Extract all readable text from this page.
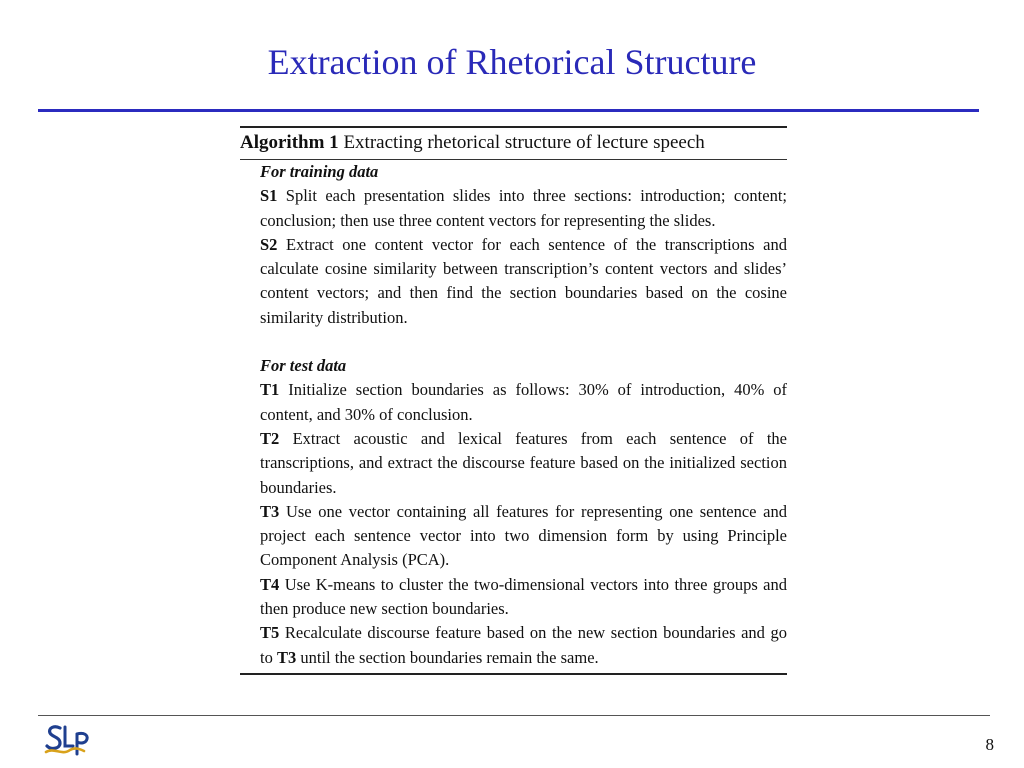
Extraction of Rhetorical Structure
Algorithm 1 Extracting rhetorical structure of lecture speech
For training data

S1 Split each presentation slides into three sections: introduction; content; conclusion; then use three content vectors for representing the slides.

S2 Extract one content vector for each sentence of the transcriptions and calculate cosine similarity between transcription’s content vectors and slides’ content vectors; and then find the section boundaries based on the cosine similarity distribution.

For test data

T1 Initialize section boundaries as follows: 30% of introduction, 40% of content, and 30% of conclusion.

T2 Extract acoustic and lexical features from each sentence of the transcriptions, and extract the discourse feature based on the initialized section boundaries.

T3 Use one vector containing all features for representing one sentence and project each sentence vector into two dimension form by using Principle Component Analysis (PCA).

T4 Use K-means to cluster the two-dimensional vectors into three groups and then produce new section boundaries.

T5 Recalculate discourse feature based on the new section boundaries and go to T3 until the section boundaries remain the same.

8
